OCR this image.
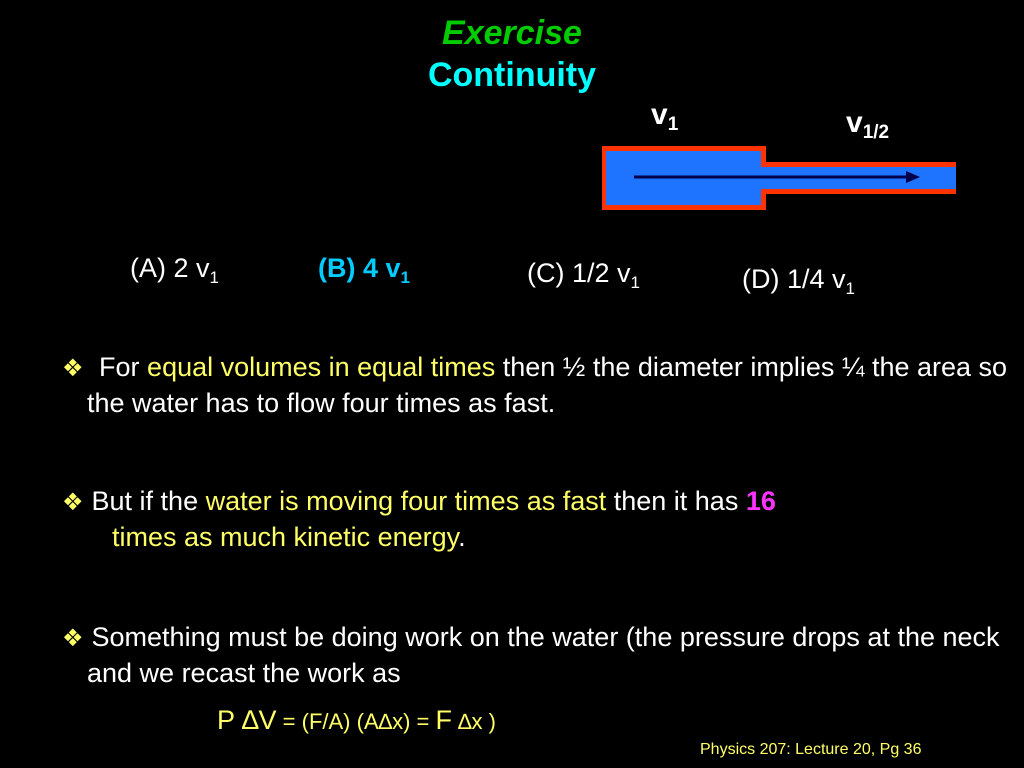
Exercise
Continuity
$v_1$	$v_{1/2}$
(A) 2 $v_1$	(B) 4 $v_1$	(C) 1/2 $v_1$	(D) 1/4 $v_1$
❖ For equal volumes in equal times then ½ the diameter implies ¼ the area so the water has to flow four times as fast.
❖ But if the water is moving four times as fast then it has 16
times as much kinetic energy.
❖ Something must be doing work on the water (the pressure drops at the neck and we recast the work as
P ∆V = (F/A) (A∆x) = F ∆x )
Physics 207: Lecture 20, Pg 36
